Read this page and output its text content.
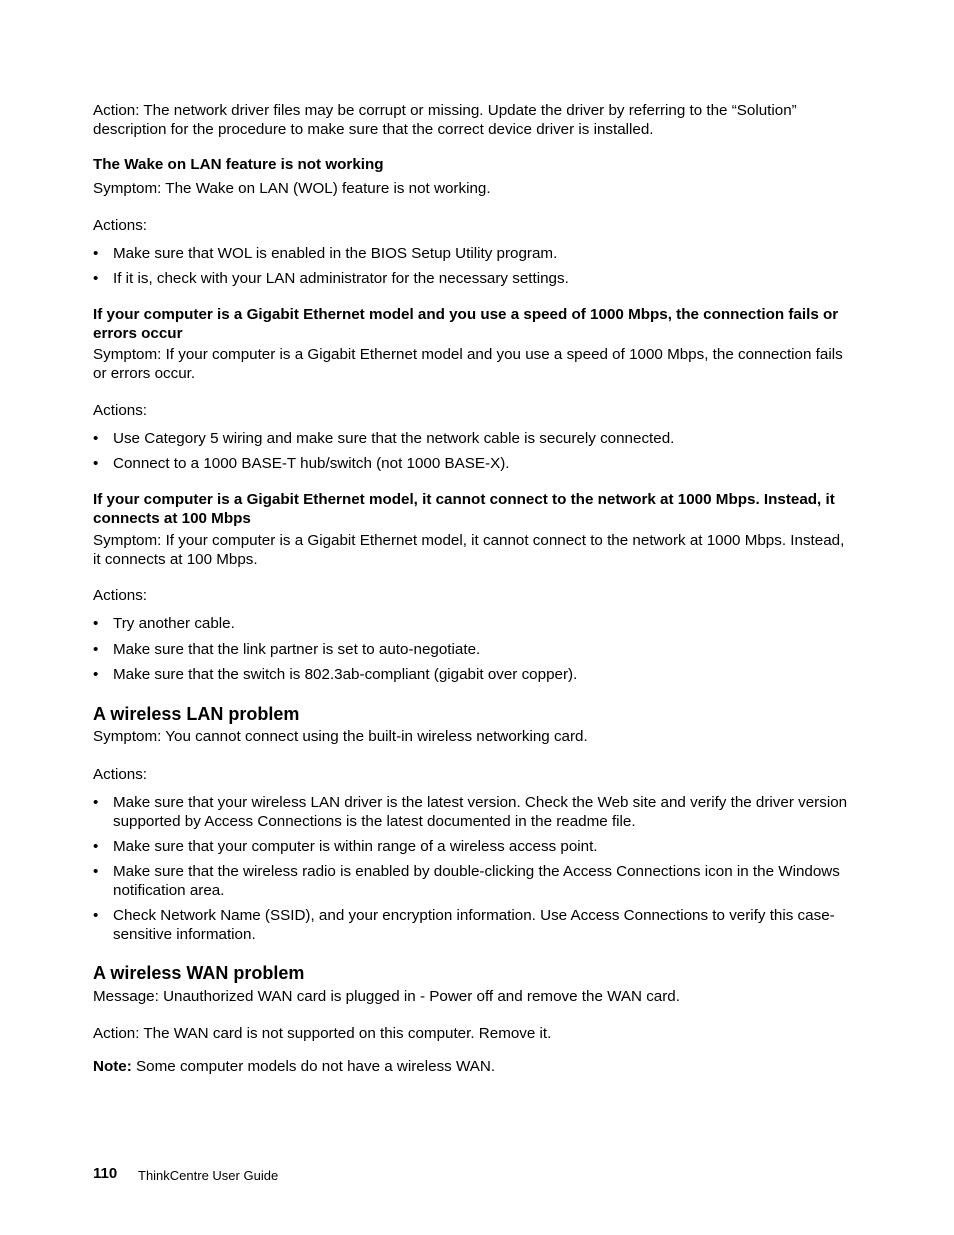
Action: The network driver files may be corrupt or missing. Update the driver by referring to the “Solution” description for the procedure to make sure that the correct device driver is installed.

The Wake on LAN feature is not working

Symptom: The Wake on LAN (WOL) feature is not working.

Actions:

• Make sure that WOL is enabled in the BIOS Setup Utility program.
• If it is, check with your LAN administrator for the necessary settings.

If your computer is a Gigabit Ethernet model and you use a speed of 1000 Mbps, the connection fails or errors occur

Symptom: If your computer is a Gigabit Ethernet model and you use a speed of 1000 Mbps, the connection fails or errors occur.

Actions:

• Use Category 5 wiring and make sure that the network cable is securely connected.
• Connect to a 1000 BASE-T hub/switch (not 1000 BASE-X).

If your computer is a Gigabit Ethernet model, it cannot connect to the network at 1000 Mbps. Instead, it connects at 100 Mbps

Symptom: If your computer is a Gigabit Ethernet model, it cannot connect to the network at 1000 Mbps. Instead, it connects at 100 Mbps.

Actions:

• Try another cable.
• Make sure that the link partner is set to auto-negotiate.
• Make sure that the switch is 802.3ab-compliant (gigabit over copper).

A wireless LAN problem

Symptom: You cannot connect using the built-in wireless networking card.

Actions:

• Make sure that your wireless LAN driver is the latest version. Check the Web site and verify the driver version supported by Access Connections is the latest documented in the readme file.
• Make sure that your computer is within range of a wireless access point.
• Make sure that the wireless radio is enabled by double-clicking the Access Connections icon in the Windows notification area.
• Check Network Name (SSID), and your encryption information. Use Access Connections to verify this case-sensitive information.

A wireless WAN problem

Message: Unauthorized WAN card is plugged in - Power off and remove the WAN card.

Action: The WAN card is not supported on this computer. Remove it.

Note: Some computer models do not have a wireless WAN.

110 ThinkCentre User Guide
